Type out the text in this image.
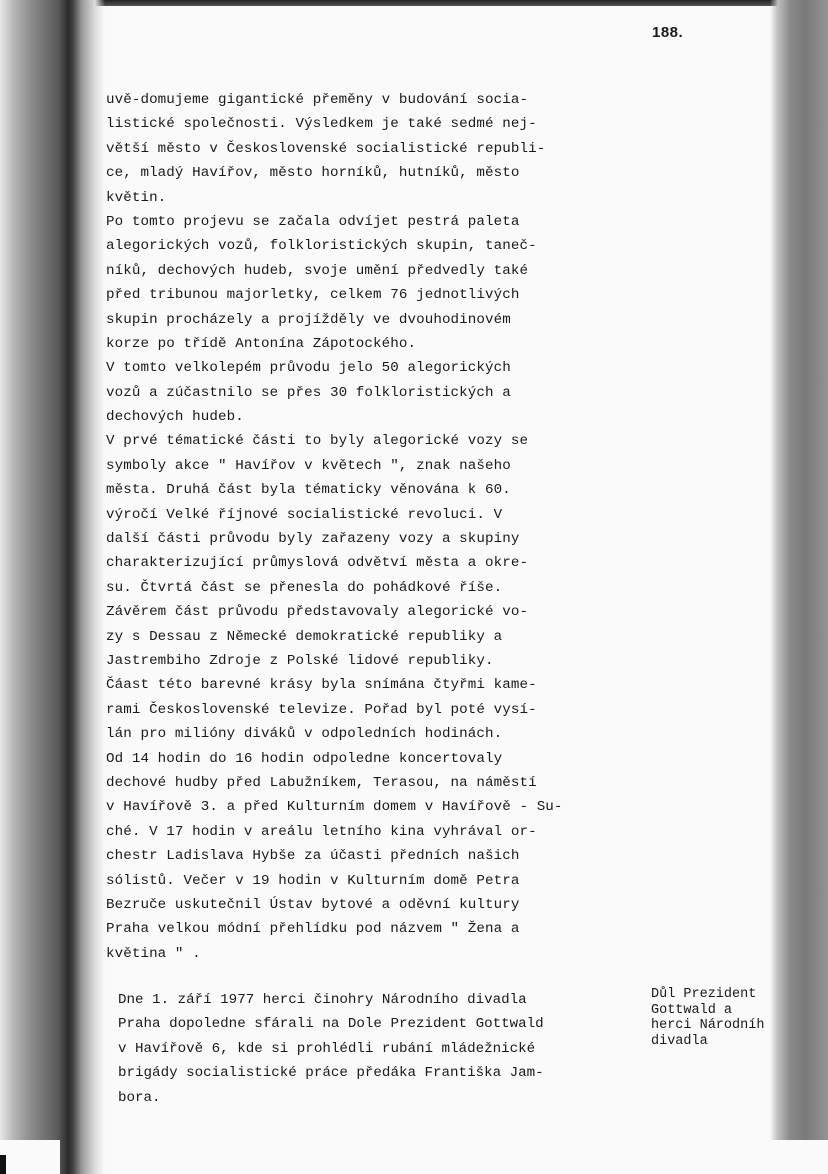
188.
uvě-domujeme gigantické přeměny v budování socia-
listické společnosti. Výsledkem je také sedmé nej-
větší město v Československé socialistické republi-
ce, mladý Havířov, město horníků, hutníků, město
květin.
Po tomto projevu se začala odvíjet pestrá paleta
alegorických vozů, folkloristických skupin, taneč-
níků, dechových hudeb, svoje umění předvedly také
před tribunou majorletky, celkem 76 jednotlivých
skupin procházely a projížděly ve dvouhodinovém
korze po třídě Antonína Zápotockého.
V tomto velkolepém průvodu jelo 50 alegorických
vozů a zúčastnilo se přes 30 folkloristických a
dechových hudeb.
V prvé tématické části to byly alegorické vozy se
symboly akce " Havířov v květech ", znak našeho
města. Druhá část byla tématicky věnována k 60.
výročí Velké říjnové socialistické revoluci. V
další části průvodu byly zařazeny vozy a skupiny
charakterizující průmyslová odvětví města a okre-
su. Čtvrtá část se přenesla do pohádkové říše.
Závěrem část průvodu představovaly alegorické vo-
zy s Dessau z Německé demokratické republiky a
Jastrembiho Zdroje z Polské lidové republiky.
Čáast této barevné krásy byla snímána čtyřmi kame-
rami Československé televize. Pořad byl poté vysí-
lán pro milióny diváků v odpoledních hodinách.
Od 14 hodin do 16 hodin odpoledne koncertovaly
dechové hudby před Labužníkem, Terasou, na náměstí
v Havířově 3. a před Kulturním domem v Havířově - Su-
ché. V 17 hodin v areálu letního kina vyhrával or-
chestr Ladislava Hybše za účasti předních našich
sólistů. Večer v 19 hodin v Kulturním domě Petra
Bezruče uskutečnil Ústav bytové a oděvní kultury
Praha velkou módní přehlídku pod názvem " Žena a
květina " .
Dne 1. září 1977 herci činohry Národního divadla
Praha dopoledne sfárali na Dole Prezident Gottwald
v Havířově 6, kde si prohlédli rubání mládežnické
brigády socialistické práce předáka Františka Jam-
bora.
Důl Prezident
Gottwald a
herci Národníh
divadla
